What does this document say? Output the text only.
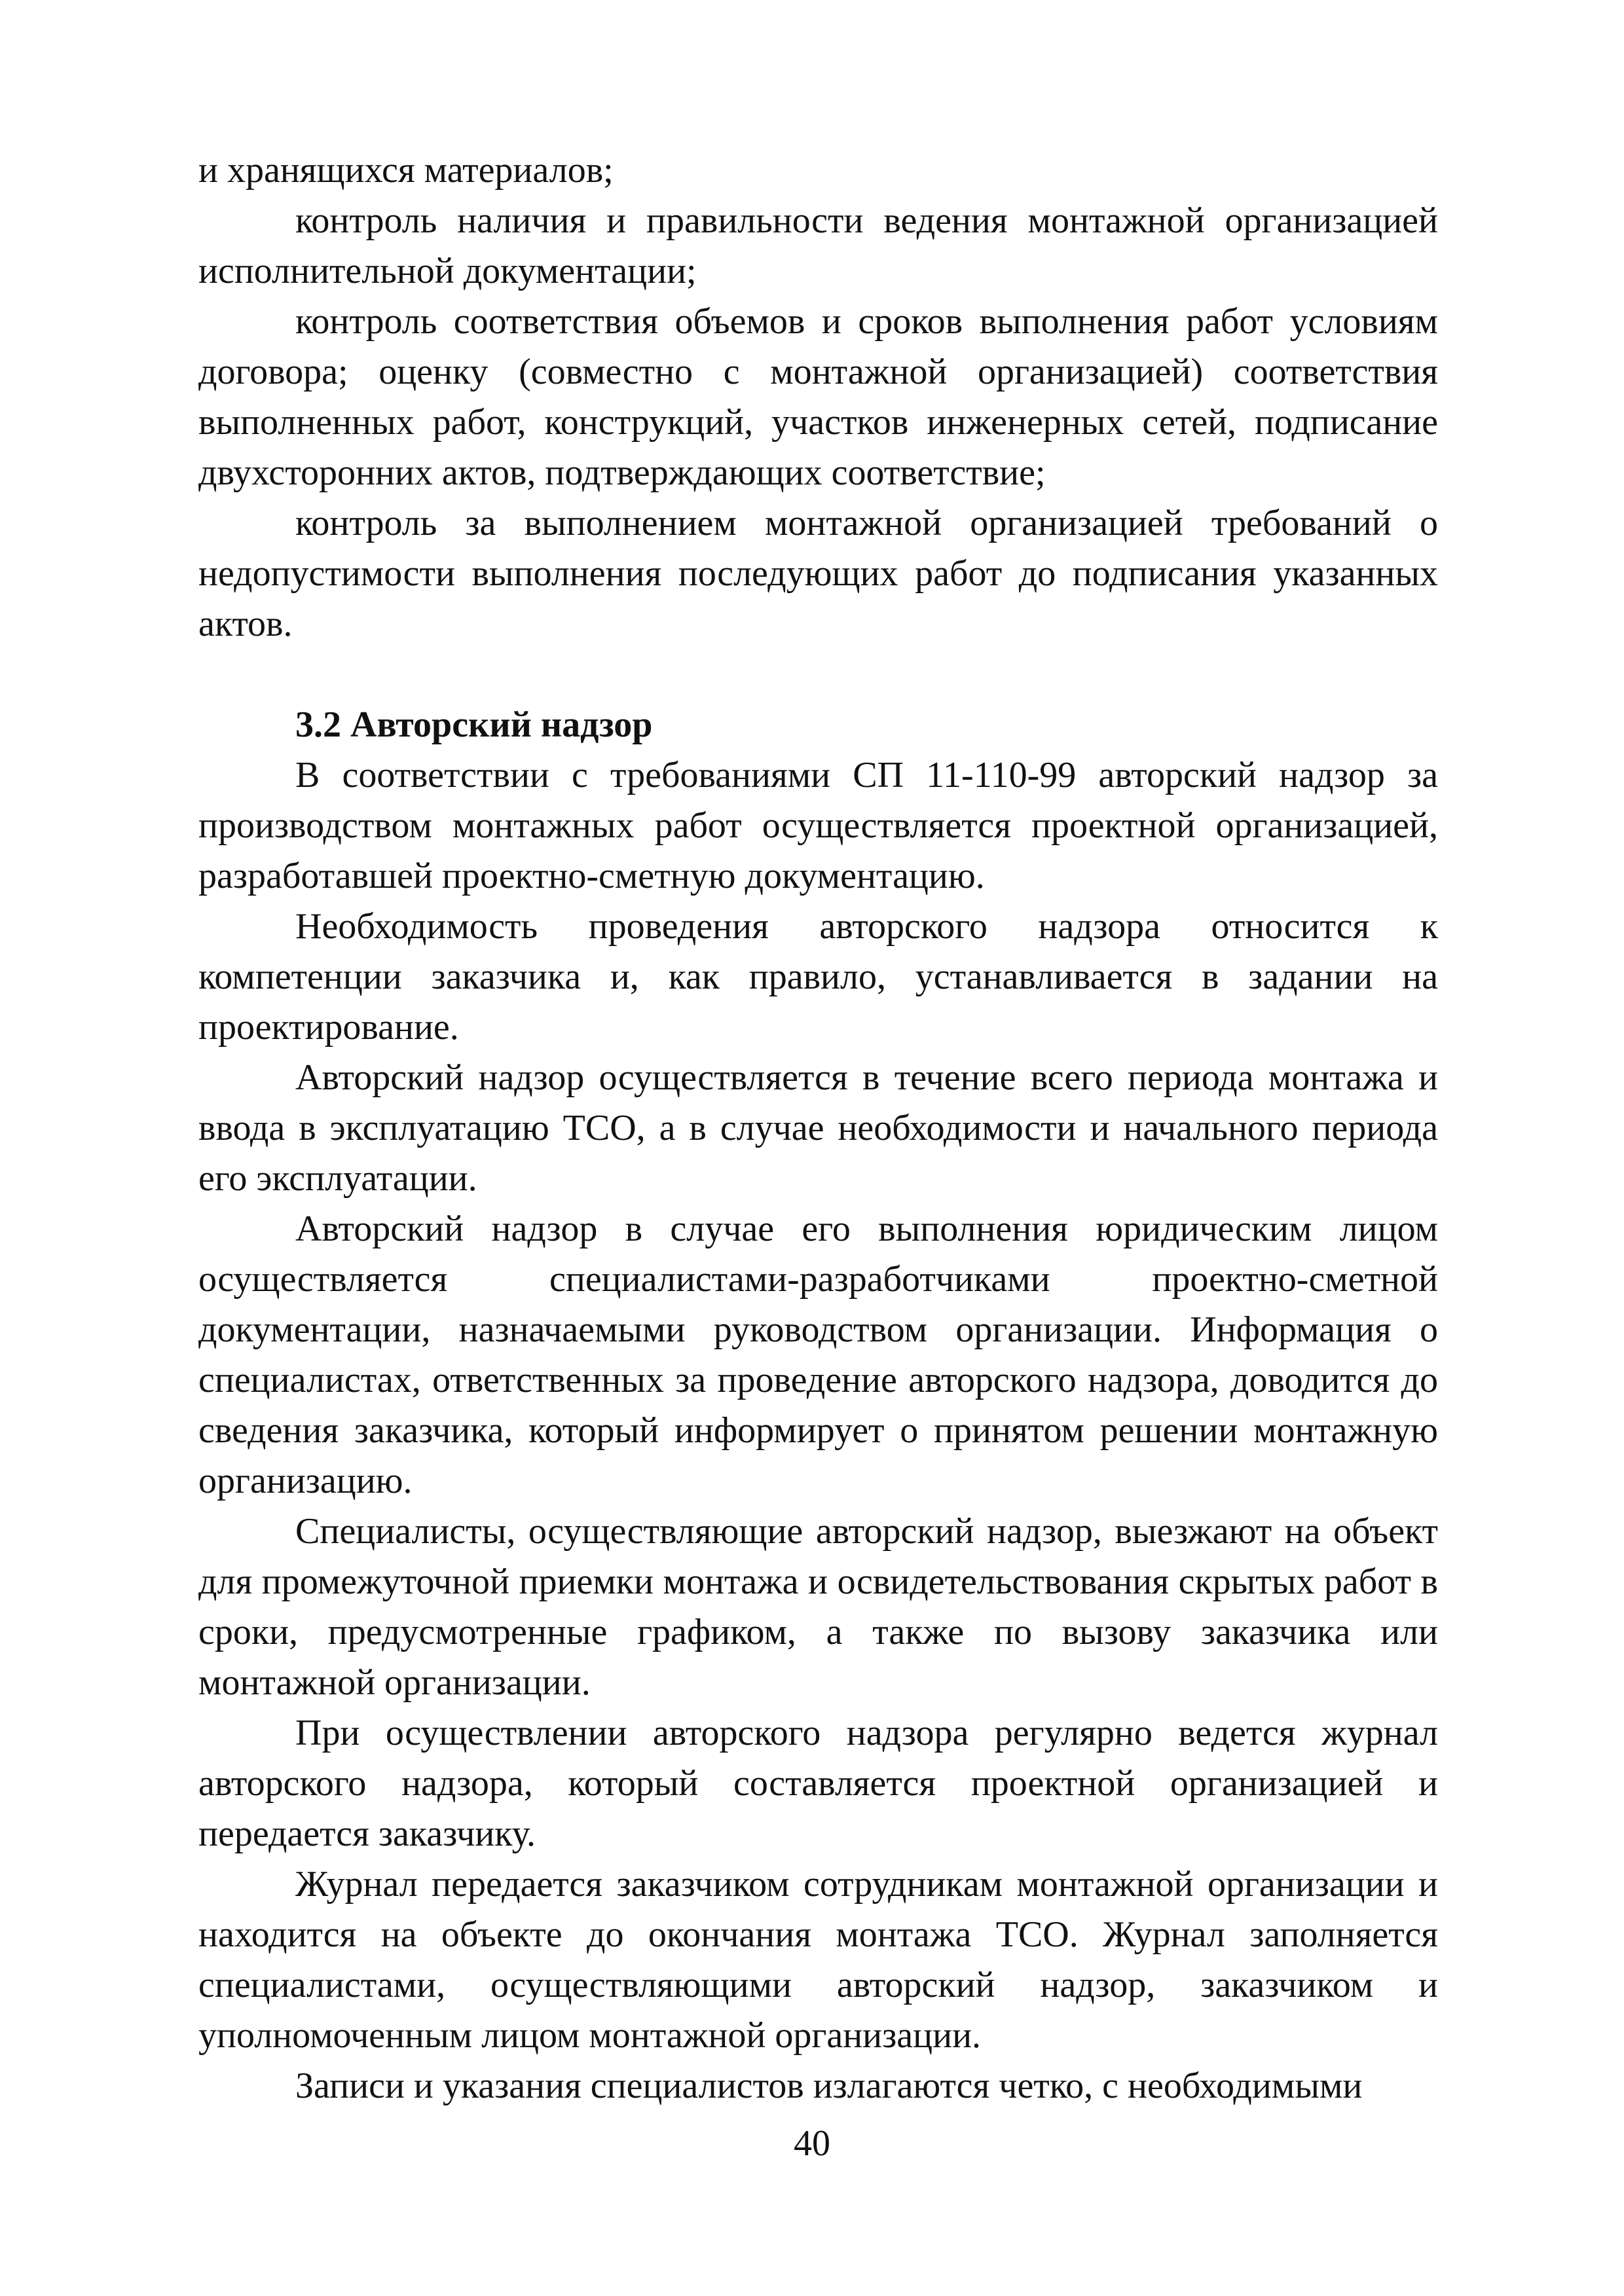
и хранящихся материалов;

контроль наличия и правильности ведения монтажной организацией исполнительной документации;

контроль соответствия объемов и сроков выполнения работ условиям договора; оценку (совместно с монтажной организацией) соответствия выполненных работ, конструкций, участков инженерных сетей, подписание двухсторонних актов, подтверждающих соответствие;

контроль за выполнением монтажной организацией требований о недопустимости выполнения последующих работ до подписания указанных актов.

3.2 Авторский надзор

В соответствии с требованиями СП 11-110-99 авторский надзор за производством монтажных работ осуществляется проектной организацией, разработавшей проектно-сметную документацию.

Необходимость проведения авторского надзора относится к компетенции заказчика и, как правило, устанавливается в задании на проектирование.

Авторский надзор осуществляется в течение всего периода монтажа и ввода в эксплуатацию ТСО, а в случае необходимости и начального периода его эксплуатации.

Авторский надзор в случае его выполнения юридическим лицом осуществляется специалистами-разработчиками проектно-сметной документации, назначаемыми руководством организации. Информация о специалистах, ответственных за проведение авторского надзора, доводится до сведения заказчика, который информирует о принятом решении монтажную организацию.

Специалисты, осуществляющие авторский надзор, выезжают на объект для промежуточной приемки монтажа и освидетельствования скрытых работ в сроки, предусмотренные графиком, а также по вызову заказчика или монтажной организации.

При осуществлении авторского надзора регулярно ведется журнал авторского надзора, который составляется проектной организацией и передается заказчику.

Журнал передается заказчиком сотрудникам монтажной организации и находится на объекте до окончания монтажа ТСО. Журнал заполняется специалистами, осуществляющими авторский надзор, заказчиком и уполномоченным лицом монтажной организации.

Записи и указания специалистов излагаются четко, с необходимыми

40
